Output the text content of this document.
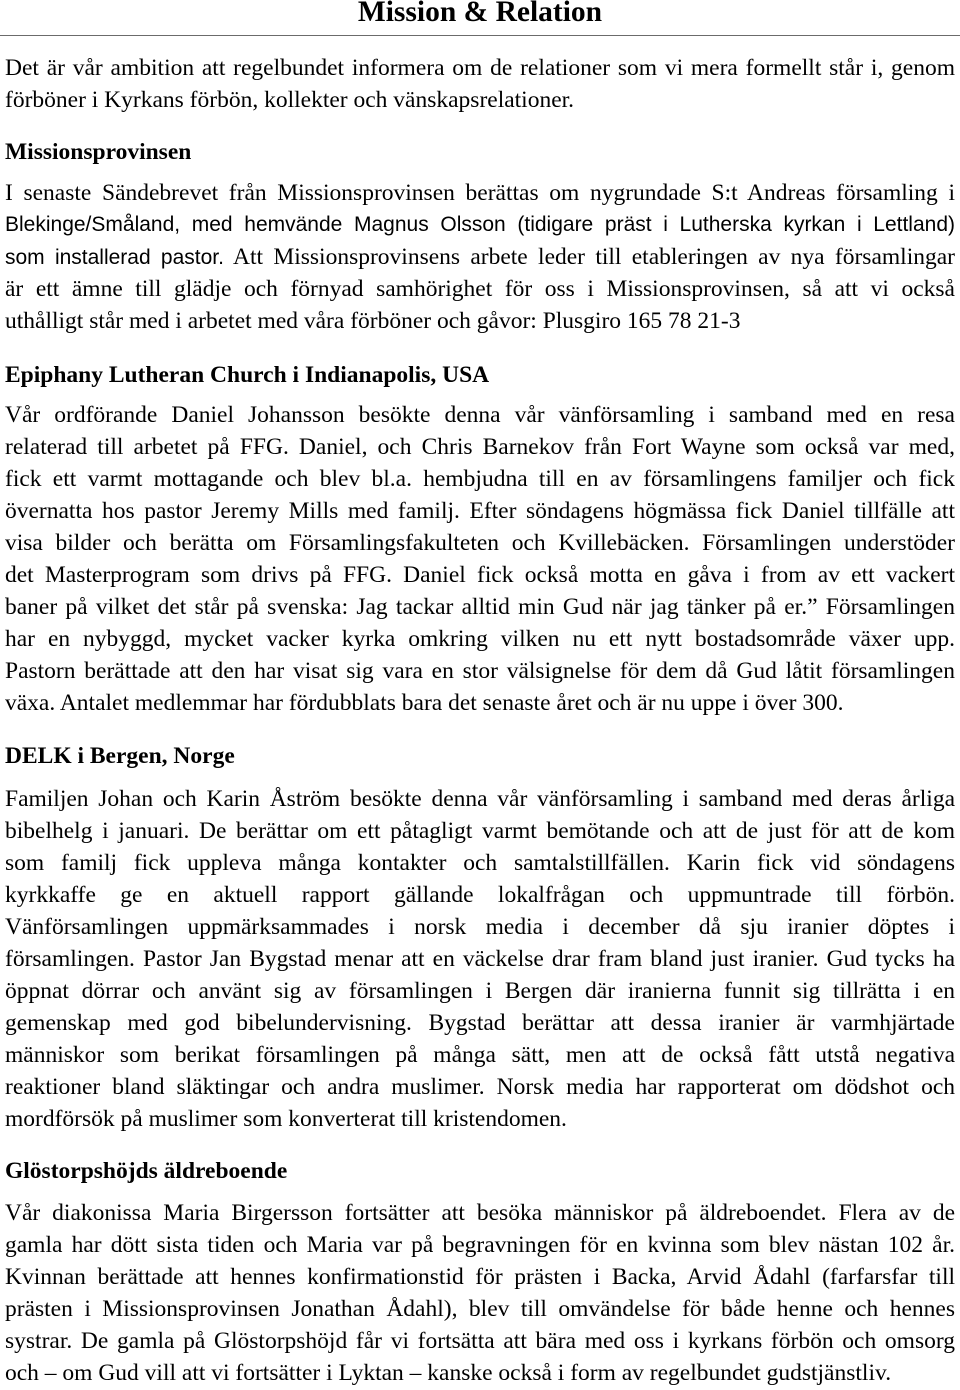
Mission & Relation
Det är vår ambition att regelbundet informera om de relationer som vi mera formellt står i, genom
förböner i Kyrkans förbön, kollekter och vänskapsrelationer.
Missionsprovinsen
I senaste Sändebrevet från Missionsprovinsen berättas om nygrundade S:t Andreas församling i
Blekinge/Småland, med hemvände Magnus Olsson (tidigare präst i Lutherska kyrkan i Lettland)
som installerad pastor. Att Missionsprovinsens arbete leder till etableringen av nya församlingar
är ett ämne till glädje och förnyad samhörighet för oss i Missionsprovinsen, så att vi också
uthålligt står med i arbetet med våra förböner och gåvor: Plusgiro 165 78 21-3
Epiphany Lutheran Church i Indianapolis, USA
Vår ordförande Daniel Johansson besökte denna vår vänförsamling i samband med en resa
relaterad till arbetet på FFG. Daniel, och Chris Barnekov från Fort Wayne som också var med,
fick ett varmt mottagande och blev bl.a. hembjudna till en av församlingens familjer och fick
övernatta hos pastor Jeremy Mills med familj. Efter söndagens högmässa fick Daniel tillfälle att
visa bilder och berätta om Församlingsfakulteten och Kvillebäcken. Församlingen understöder
det Masterprogram som drivs på FFG. Daniel fick också motta en gåva i from av ett vackert
baner på vilket det står på svenska: Jag tackar alltid min Gud när jag tänker på er.” Församlingen
har en nybyggd, mycket vacker kyrka omkring vilken nu ett nytt bostadsområde växer upp.
Pastorn berättade att den har visat sig vara en stor välsignelse för dem då Gud låtit församlingen
växa. Antalet medlemmar har fördubblats bara det senaste året och är nu uppe i över 300.
DELK i Bergen, Norge
Familjen Johan och Karin Åström besökte denna vår vänförsamling i samband med deras årliga
bibelhelg i januari. De berättar om ett påtagligt varmt bemötande och att de just för att de kom
som familj fick uppleva många kontakter och samtalstillfällen. Karin fick vid söndagens
kyrkkaffe ge en aktuell rapport gällande lokalfrågan och uppmuntrade till förbön.
Vänförsamlingen uppmärksammades i norsk media i december då sju iranier döptes i
församlingen. Pastor Jan Bygstad menar att en väckelse drar fram bland just iranier. Gud tycks ha
öppnat dörrar och använt sig av församlingen i Bergen där iranierna funnit sig tillrätta i en
gemenskap med god bibelundervisning. Bygstad berättar att dessa iranier är varmhjärtade
människor som berikat församlingen på många sätt, men att de också fått utstå negativa
reaktioner bland släktingar och andra muslimer. Norsk media har rapporterat om dödshot och
mordförsök på muslimer som konverterat till kristendomen.
Glöstorpshöjds äldreboende
Vår diakonissa Maria Birgersson fortsätter att besöka människor på äldreboendet. Flera av de
gamla har dött sista tiden och Maria var på begravningen för en kvinna som blev nästan 102 år.
Kvinnan berättade att hennes konfirmationstid för prästen i Backa, Arvid Ådahl (farfarsfar till
prästen i Missionsprovinsen Jonathan Ådahl), blev till omvändelse för både henne och hennes
systrar. De gamla på Glöstorpshöjd får vi fortsätta att bära med oss i kyrkans förbön och omsorg
och – om Gud vill att vi fortsätter i Lyktan – kanske också i form av regelbundet gudstjänstliv.
